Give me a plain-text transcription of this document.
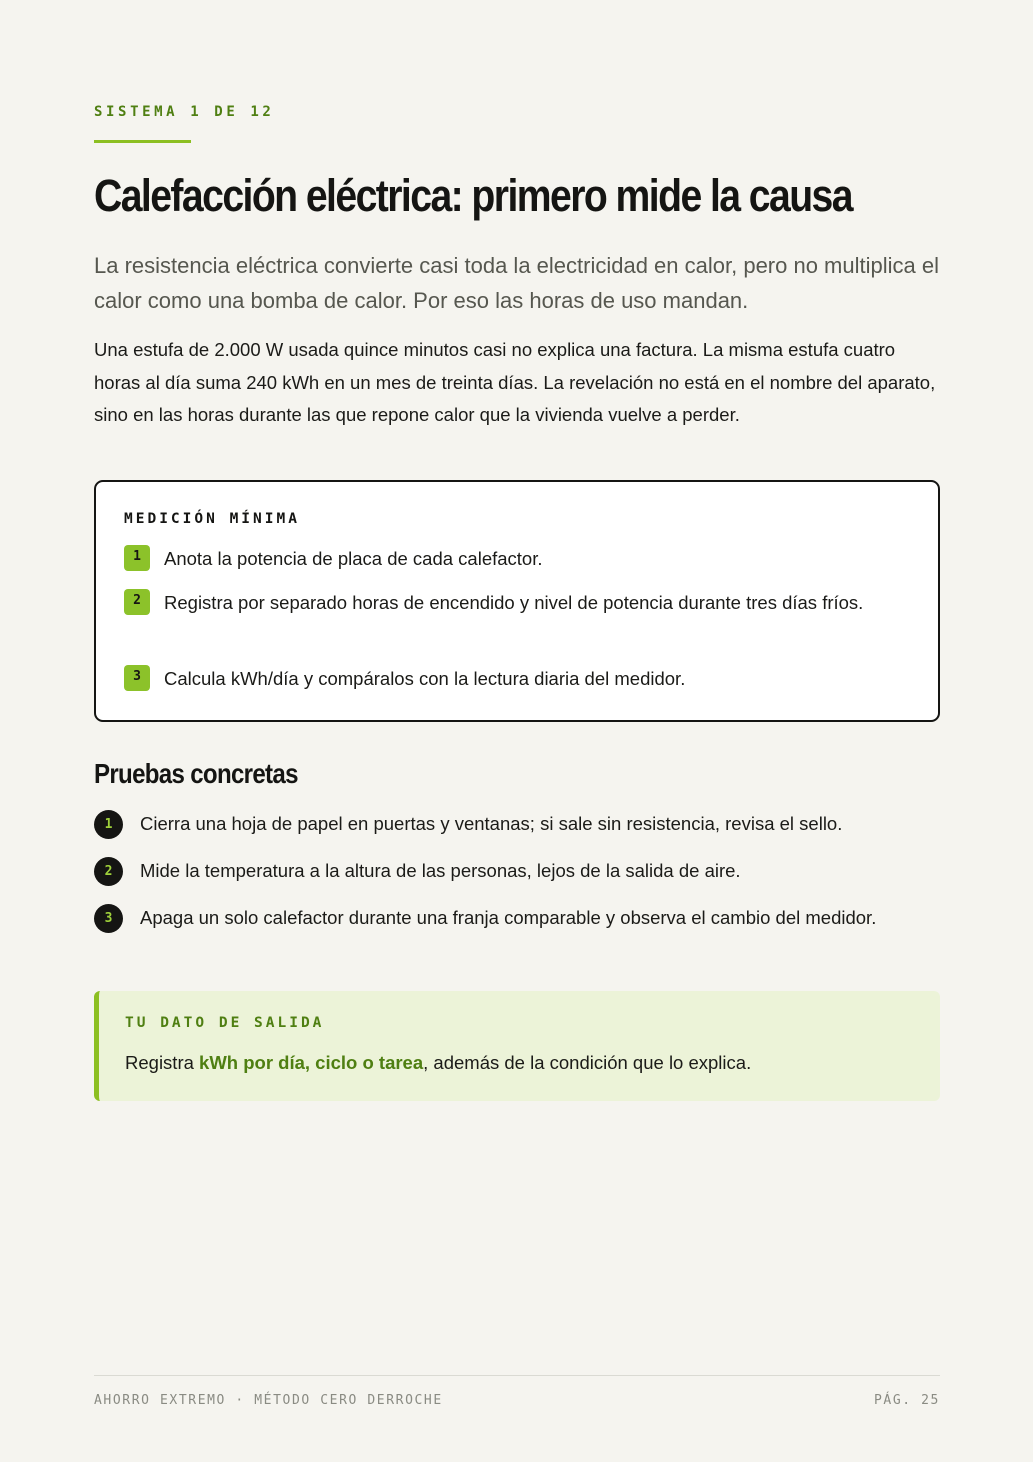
SISTEMA 1 DE 12
Calefacción eléctrica: primero mide la causa

La resistencia eléctrica convierte casi toda la electricidad en calor, pero no multiplica el calor como una bomba de calor. Por eso las horas de uso mandan.

Una estufa de 2.000 W usada quince minutos casi no explica una factura. La misma estufa cuatro horas al día suma 240 kWh en un mes de treinta días. La revelación no está en el nombre del aparato, sino en las horas durante las que repone calor que la vivienda vuelve a perder.

MEDICIÓN MÍNIMA
1	Anota la potencia de placa de cada calefactor.
2	Registra por separado horas de encendido y nivel de potencia durante tres días fríos.
3	Calcula kWh/día y compáralos con la lectura diaria del medidor.
Pruebas concretas
1	Cierra una hoja de papel en puertas y ventanas; si sale sin resistencia, revisa el sello.
2	Mide la temperatura a la altura de las personas, lejos de la salida de aire.
3	Apaga un solo calefactor durante una franja comparable y observa el cambio del medidor.
TU DATO DE SALIDA
Registra kWh por día, ciclo o tarea, además de la condición que lo explica.
AHORRO EXTREMO · MÉTODO CERO DERROCHE	PÁG. 25
